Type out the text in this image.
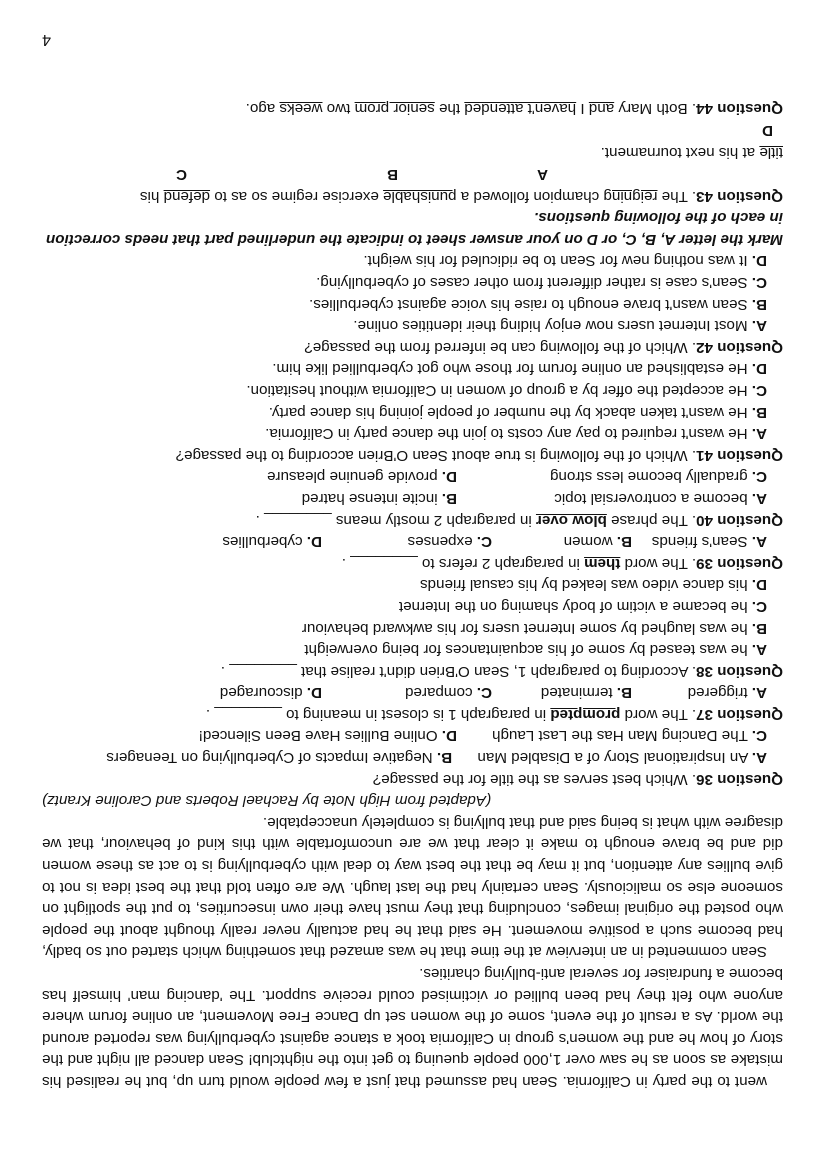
went to the party in California. Sean had assumed that just a few people would turn up, but he realised his mistake as soon as he saw over 1,000 people queuing to get into the nightclub! Sean danced all night and the story of how he and the women's group in California took a stance against cyberbullying was reported around the world. As a result of the event, some of the women set up Dance Free Movement, an online forum where anyone who felt they had been bullied or victimised could receive support. The 'dancing man' himself has become a fundraiser for several anti-bullying charities.

Sean commented in an interview at the time that he was amazed that something which started out so badly, had become such a positive movement. He said that he had actually never really thought about the people who posted the original images, concluding that they must have their own insecurities, to put the spotlight on someone else so maliciously. Sean certainly had the last laugh. We are often told that the best idea is not to give bullies any attention, but it may be that the best way to deal with cyberbullying is to act as these women did and be brave enough to make it clear that we are uncomfortable with this kind of behaviour, that we disagree with what is being said and that bullying is completely unacceptable.

(Adapted from High Note by Rachael Roberts and Caroline Krantz)

Question 36. Which best serves as the title for the passage?

A. An Inspirational Story of a Disabled Man      B. Negative Impacts of Cyberbullying on Teenagers

C. The Dancing Man Has the Last Laugh
D. Online Bullies Have Been Silenced!

Question 37. The word prompted in paragraph 1 is closest in meaning to ________ .

A. triggered
B. terminated
C. compared
D. discouraged

Question 38. According to paragraph 1, Sean O'Brien didn't realise that ________ .

A. he was teased by some of his acquaintances for being overweight

B. he was laughed by some Internet users for his awkward behaviour

C. he became a victim of body shaming on the Internet

D. his dance video was leaked by his casual friends

Question 39. The word them in paragraph 2 refers to ________ .

A. Sean's friends
B. women
C. expenses
D. cyberbullies

Question 40. The phrase blow over in paragraph 2 mostly means ________ .

A. become a controversial topic
B. incite intense hatred
C. gradually become less strong
D. provide genuine pleasure

Question 41. Which of the following is true about Sean O'Brien according to the passage?

A. He wasn't required to pay any costs to join the dance party in California.

B. He wasn't taken aback by the number of people joining his dance party.

C. He accepted the offer by a group of women in California without hesitation.

D. He established an online forum for those who got cyberbullied like him.

Question 42. Which of the following can be inferred from the passage?

A. Most Internet users now enjoy hiding their identities online.

B. Sean wasn't brave enough to raise his voice against cyberbullies.

C. Sean's case is rather different from other cases of cyberbullying.

D. It was nothing new for Sean to be ridiculed for his weight.

Mark the letter A, B, C, or D on your answer sheet to indicate the underlined part that needs correction in each of the following questions.

Question 43. The reigning champion followed a punishable exercise regime so as to defend his

A
B
C

title at his next tournament.

D

Question 44. Both Mary and I haven't attended the senior prom two weeks ago.

4
